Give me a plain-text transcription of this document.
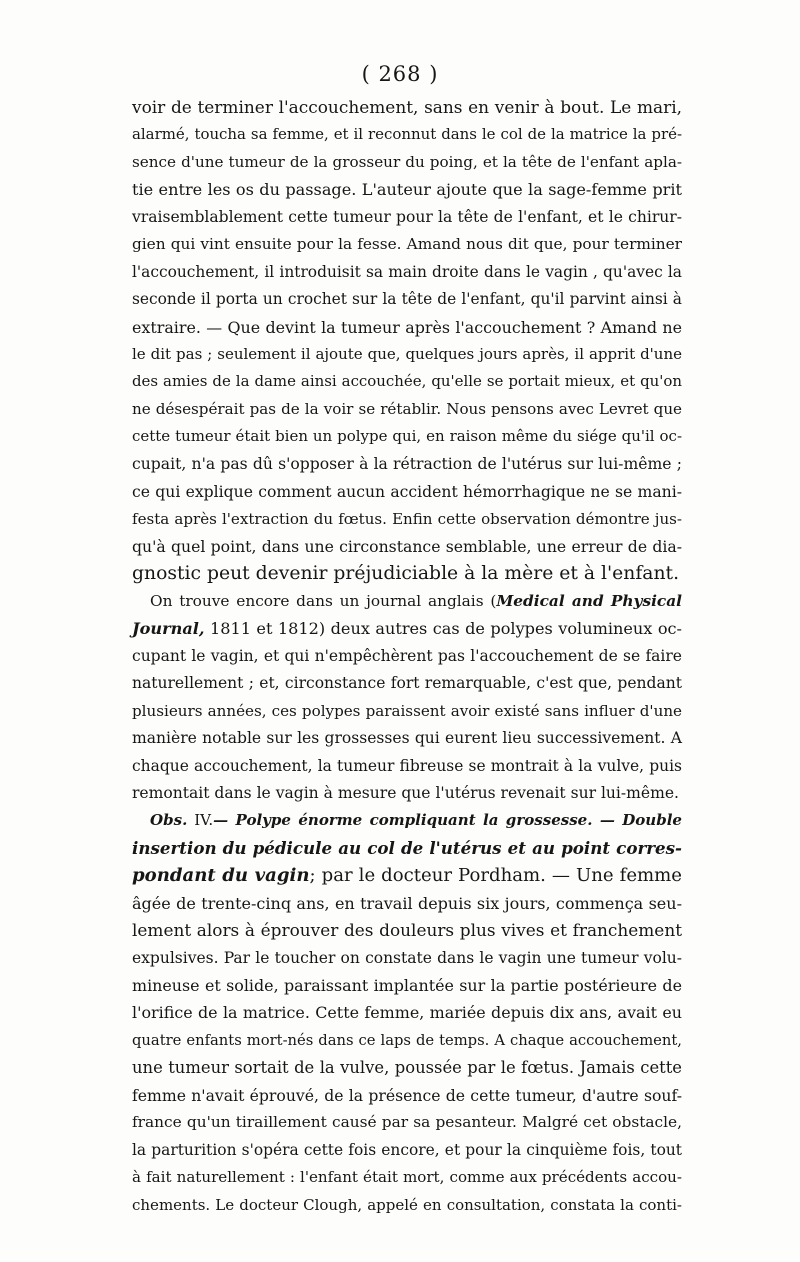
( 268 )
voir de terminer l'accouchement, sans en venir à bout. Le mari,
alarmé, toucha sa femme, et il reconnut dans le col de la matrice la pré-
sence d'une tumeur de la grosseur du poing, et la tête de l'enfant apla-
tie entre les os du passage. L'auteur ajoute que la sage-femme prit
vraisemblablement cette tumeur pour la tête de l'enfant, et le chirur-
gien qui vint ensuite pour la fesse. Amand nous dit que, pour terminer
l'accouchement, il introduisit sa main droite dans le vagin , qu'avec la
seconde il porta un crochet sur la tête de l'enfant, qu'il parvint ainsi à
extraire. — Que devint la tumeur après l'accouchement ? Amand ne
le dit pas ; seulement il ajoute que, quelques jours après, il apprit d'une
des amies de la dame ainsi accouchée, qu'elle se portait mieux, et qu'on
ne désespérait pas de la voir se rétablir. Nous pensons avec Levret que
cette tumeur était bien un polype qui, en raison même du siége qu'il oc-
cupait, n'a pas dû s'opposer à la rétraction de l'utérus sur lui-même ;
ce qui explique comment aucun accident hémorrhagique ne se mani-
festa après l'extraction du fœtus. Enfin cette observation démontre jus-
qu'à quel point, dans une circonstance semblable, une erreur de dia-
gnostic peut devenir préjudiciable à la mère et à l'enfant.
On trouve encore dans un journal anglais (Medical and Physical
Journal, 1811 et 1812) deux autres cas de polypes volumineux oc-
cupant le vagin, et qui n'empêchèrent pas l'accouchement de se faire
naturellement ; et, circonstance fort remarquable, c'est que, pendant
plusieurs années, ces polypes paraissent avoir existé sans influer d'une
manière notable sur les grossesses qui eurent lieu successivement. A
chaque accouchement, la tumeur fibreuse se montrait à la vulve, puis
remontait dans le vagin à mesure que l'utérus revenait sur lui-même.
Obs. IV.— Polype énorme compliquant la grossesse. — Double
insertion du pédicule au col de l'utérus et au point corres-
pondant du vagin; par le docteur Pordham. — Une femme
âgée de trente-cinq ans, en travail depuis six jours, commença seu-
lement alors à éprouver des douleurs plus vives et franchement
expulsives. Par le toucher on constate dans le vagin une tumeur volu-
mineuse et solide, paraissant implantée sur la partie postérieure de
l'orifice de la matrice. Cette femme, mariée depuis dix ans, avait eu
quatre enfants mort-nés dans ce laps de temps. A chaque accouchement,
une tumeur sortait de la vulve, poussée par le fœtus. Jamais cette
femme n'avait éprouvé, de la présence de cette tumeur, d'autre souf-
france qu'un tiraillement causé par sa pesanteur. Malgré cet obstacle,
la parturition s'opéra cette fois encore, et pour la cinquième fois, tout
à fait naturellement : l'enfant était mort, comme aux précédents accou-
chements. Le docteur Clough, appelé en consultation, constata la conti-
